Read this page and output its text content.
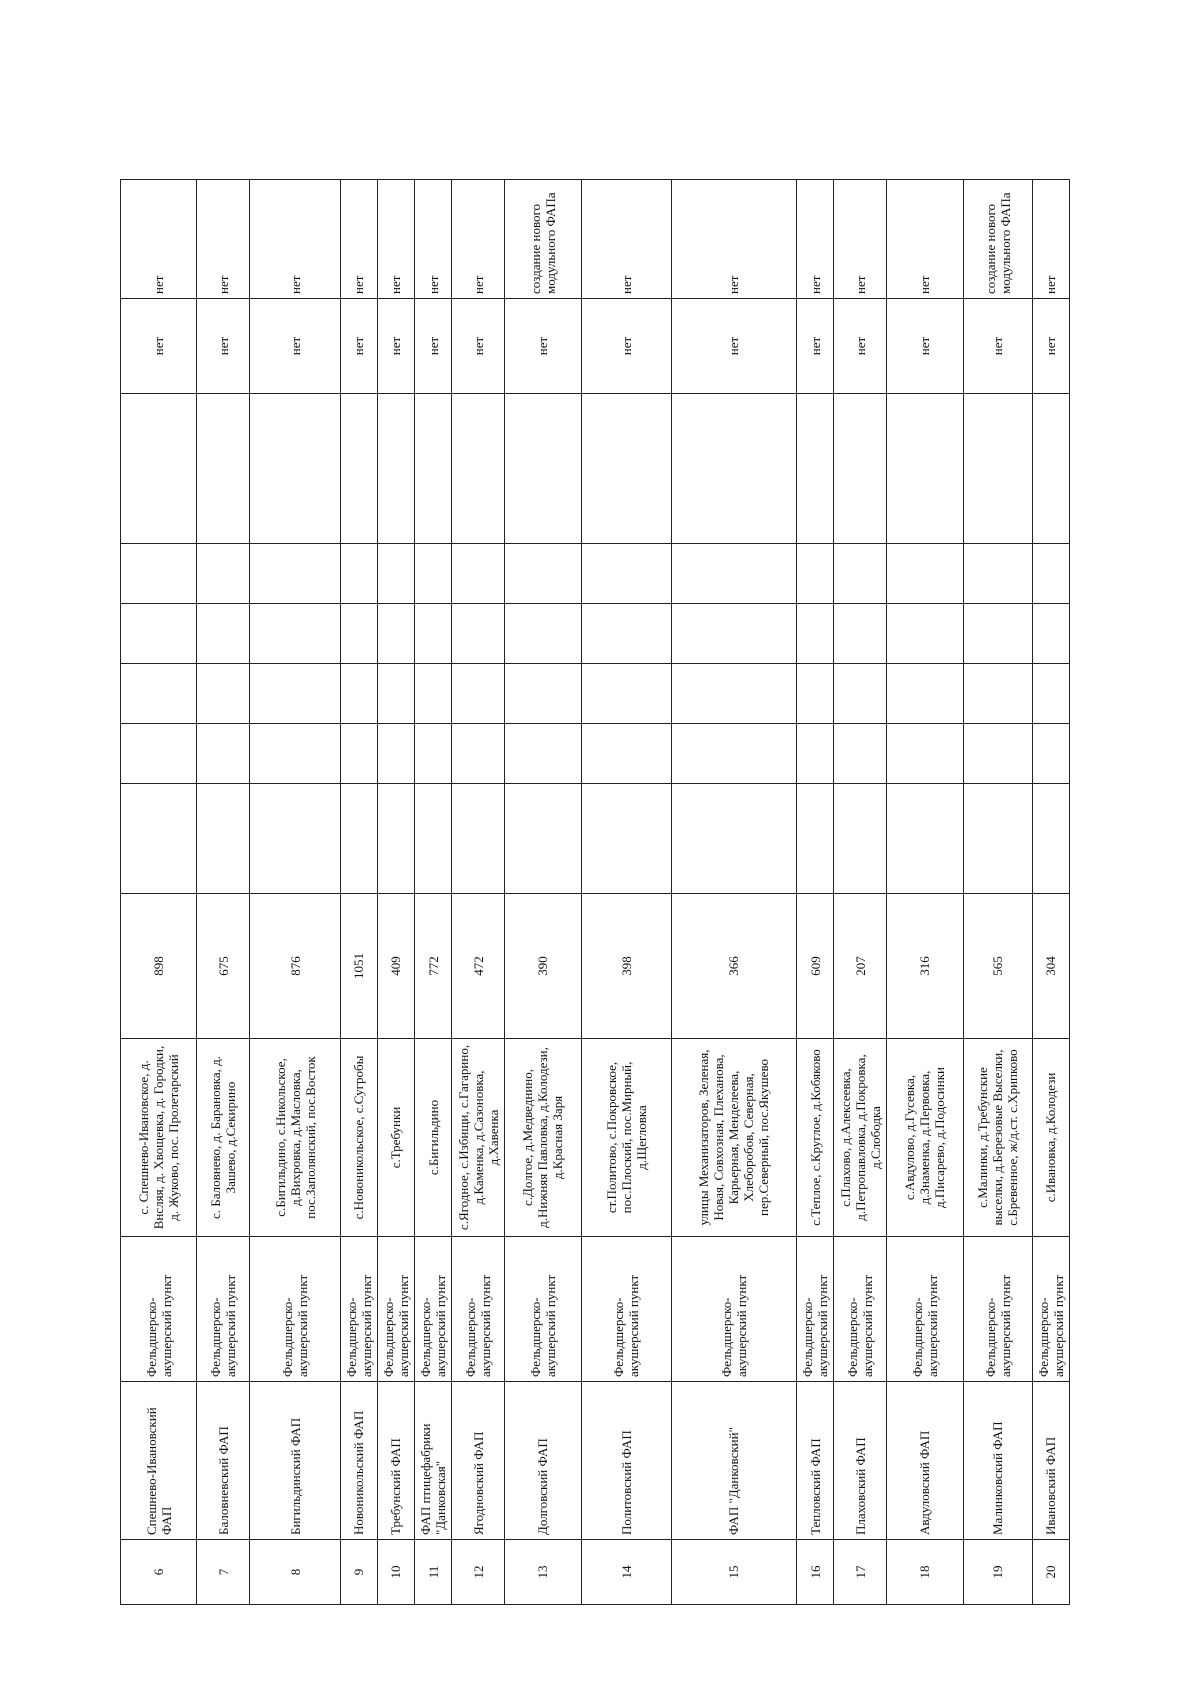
6	Спешнево-Ивановский ФАП	Фельдшерско-акушерский пункт	с. Спешнево-Ивановское, д. Внсляя, д. Хвощевка, д. Городки, д. Жуково, пос. Пролетарский	898							нет	нет
7	Баловневский ФАП	Фельдшерско-акушерский пункт	с. Баловнево, д. Барановка, д. Зашево, д.Секирино	675							нет	нет
8	Бигильдинский ФАП	Фельдшерско-акушерский пункт	с.Бигильдино, с.Никольское, д.Вихровка, д.Масловка, пос.Заполянский, пос.Восток	876							нет	нет
9	Новоникольский ФАП	Фельдшерско-акушерский пункт	с.Новоникольское, с.Сугробы	1051							нет	нет
10	Требунский ФАП	Фельдшерско-акушерский пункт	с.Требунки	409							нет	нет
11	ФАП птицефабрики "Данковская"	Фельдшерско-акушерский пункт	с.Бигильдино	772							нет	нет
12	Ягодновский ФАП	Фельдшерско-акушерский пункт	с.Ягодное, с.Избищи, с.Гагарино, д.Каменка, д.Сазоновка, д.Хавенка	472							нет	нет
13	Долговский ФАП	Фельдшерско-акушерский пункт	с.Долгое, д.Медведнино, д.Нижняя Павловка, д.Колодези, д.Красная Заря	390							нет	создание нового модульного ФАПа
14	Политовский ФАП	Фельдшерско-акушерский пункт	ст.Политово, с.Покровское, пос.Плоский, пос.Мирный, д.Щегловка	398							нет	нет
15	ФАП "Данковский"	Фельдшерско-акушерский пункт	улицы Механизаторов, Зеленая, Новая, Совхозная, Плеханова, Карьерная, Менделеева, Хлеборобов, Северная, пер.Северный, пос.Якушево	366							нет	нет
16	Тепловский ФАП	Фельдшерско-акушерский пункт	с.Теплое, с.Круглое, д.Кобяково	609							нет	нет
17	Плаховский ФАП	Фельдшерско-акушерский пункт	с.Плахово, д.Алексеевка, д.Петропавловка, д.Покровка, д.Слободка	207							нет	нет
18	Авдуловский ФАП	Фельдшерско-акушерский пункт	с.Авдулово, д.Гусевка, д.Знаменка, д.Первовка, д.Писарево, д.Подосинки	316							нет	нет
19	Малинковский ФАП	Фельдшерско-акушерский пункт	с.Малинки, д.Требунские выселки, д.Березовые Выселки, с.Бревенное, ж/д.ст. с.Хрипково	565							нет	создание нового модульного ФАПа
20	Ивановский ФАП	Фельдшерско-акушерский пункт	с.Ивановка, д.Колодези	304							нет	нет
